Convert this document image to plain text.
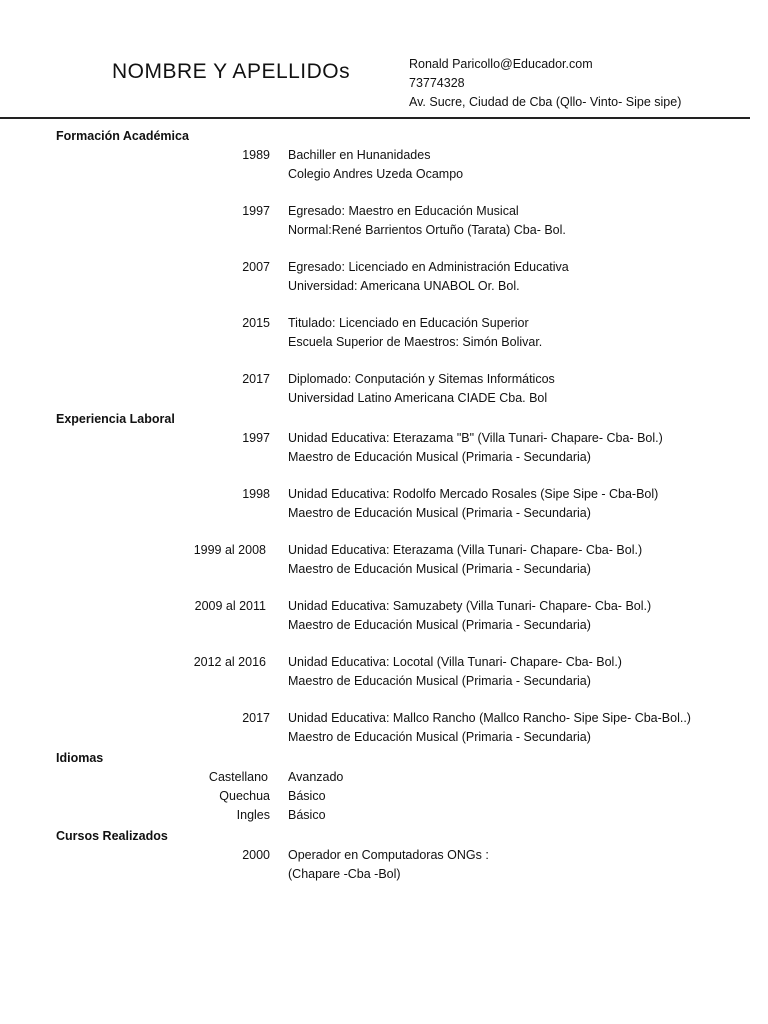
NOMBRE Y APELLIDOs	Ronald Paricollo@Educador.com
73774328
Av. Sucre, Ciudad de Cba (Qllo- Vinto- Sipe sipe)
Formación Académica
1989 Bachiller en Hunanidades
Colegio Andres Uzeda Ocampo
1997 Egresado: Maestro en Educación Musical
Normal:René Barrientos Ortuño (Tarata) Cba- Bol.
2007 Egresado: Licenciado en Administración Educativa
Universidad: Americana UNABOL Or. Bol.
2015 Titulado: Licenciado en Educación Superior
Escuela Superior de Maestros: Simón Bolivar.
2017 Diplomado: Conputación y Sitemas Informáticos
Universidad Latino Americana CIADE Cba. Bol
Experiencia Laboral
1997 Unidad Educativa: Eterazama "B" (Villa Tunari- Chapare- Cba- Bol.)
Maestro de Educación Musical (Primaria - Secundaria)
1998 Unidad Educativa: Rodolfo Mercado Rosales (Sipe Sipe - Cba-Bol)
Maestro de Educación Musical (Primaria - Secundaria)
1999 al 2008 Unidad Educativa: Eterazama (Villa Tunari- Chapare- Cba- Bol.)
Maestro de Educación Musical (Primaria - Secundaria)
2009 al 2011 Unidad Educativa: Samuzabety (Villa Tunari- Chapare- Cba- Bol.)
Maestro de Educación Musical (Primaria - Secundaria)
2012 al 2016 Unidad Educativa: Locotal (Villa Tunari- Chapare- Cba- Bol.)
Maestro de Educación Musical (Primaria - Secundaria)
2017 Unidad Educativa: Mallco Rancho (Mallco Rancho- Sipe Sipe- Cba-Bol..)
Maestro de Educación Musical (Primaria - Secundaria)
Idiomas
Castellano Avanzado
Quechua Básico
Ingles Básico
Cursos Realizados
2000 Operador en Computadoras ONGs :
(Chapare -Cba -Bol)
